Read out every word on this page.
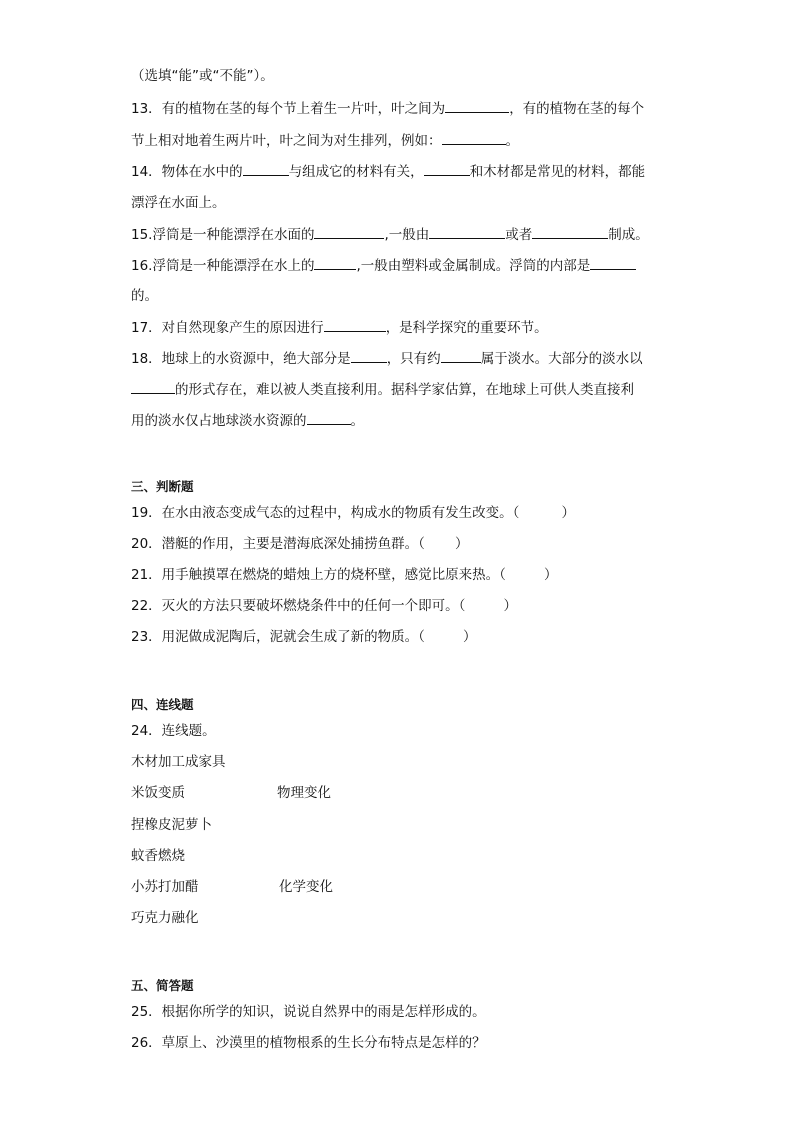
（选填“能”或“不能”）。
13．有的植物在茎的每个节上着生一片叶，叶之间为	，有的植物在茎的每个
节上相对地着生两片叶，叶之间为对生排列，例如：	。
14．物体在水中的	与组成它的材料有关，	和木材都是常见的材料，都能
漂浮在水面上。
15.浮筒是一种能漂浮在水面的	,一般由	或者	制成。
16.浮筒是一种能漂浮在水上的	,一般由塑料或金属制成。浮筒的内部是
的。
17．对自然现象产生的原因进行	，是科学探究的重要环节。
18．地球上的水资源中，绝大部分是	，只有约	属于淡水。大部分的淡水以
的形式存在，难以被人类直接利用。据科学家估算，在地球上可供人类直接利
用的淡水仅占地球淡水资源的	。
三、判断题
19．在水由液态变成气态的过程中，构成水的物质有发生改变。（	）
20．潜艇的作用，主要是潜海底深处捕捞鱼群。（ ）
21．用手触摸罩在燃烧的蜡烛上方的烧杯壁，感觉比原来热。（	）
22．灭火的方法只要破坏燃烧条件中的任何一个即可。（	）
23．用泥做成泥陶后，泥就会生成了新的物质。（	）
四、连线题
24．连线题。
木材加工成家具
米饭变质	物理变化
捏橡皮泥萝卜
蚊香燃烧
小苏打加醋	化学变化
巧克力融化
五、简答题
25．根据你所学的知识，说说自然界中的雨是怎样形成的。
26．草原上、沙漠里的植物根系的生长分布特点是怎样的？
